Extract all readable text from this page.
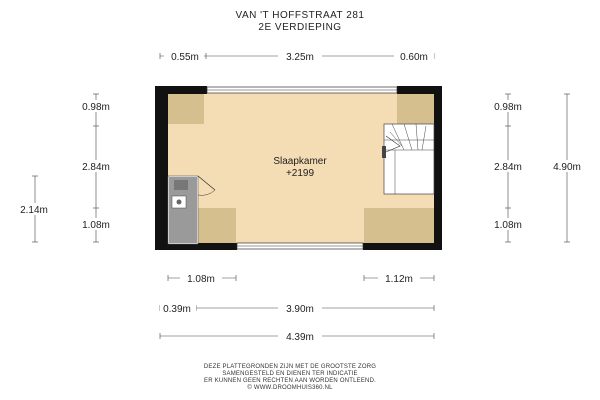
VAN 'T HOFFSTRAAT 281
2E VERDIEPING
Slaapkamer
+2199
0.55m	3.25m	0.60m
0.98m
2.84m
1.08m
2.14m
0.98m
2.84m
1.08m
4.90m
1.08m	1.12m
0.39m	3.90m
4.39m
DEZE PLATTEGRONDEN ZIJN MET DE GROOTSTE ZORG
SAMENGESTELD EN DIENEN TER INDICATIE
ER KUNNEN GEEN RECHTEN AAN WORDEN ONTLEEND.
© WWW.DROOMHUIS360.NL
